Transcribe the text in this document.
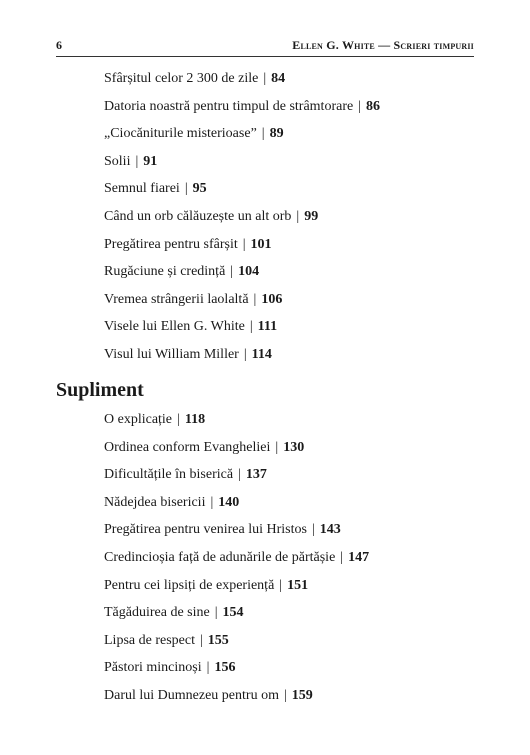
6	Ellen G. White — Scrieri timpurii
Sfârșitul celor 2 300 de zile | 84
Datoria noastră pentru timpul de strâmtorare | 86
„Ciocăniturile misterioase” | 89
Solii | 91
Semnul fiarei | 95
Când un orb călăuzește un alt orb | 99
Pregătirea pentru sfârșit | 101
Rugăciune și credință | 104
Vremea strângerii laolaltă | 106
Visele lui Ellen G. White | 111
Visul lui William Miller | 114
Supliment
O explicație | 118
Ordinea conform Evangheliei | 130
Dificultățile în biserică | 137
Nădejdea bisericii | 140
Pregătirea pentru venirea lui Hristos | 143
Credincioșia față de adunările de părtășie | 147
Pentru cei lipsiți de experiență | 151
Tăgăduirea de sine | 154
Lipsa de respect | 155
Păstori mincinoși | 156
Darul lui Dumnezeu pentru om | 159
